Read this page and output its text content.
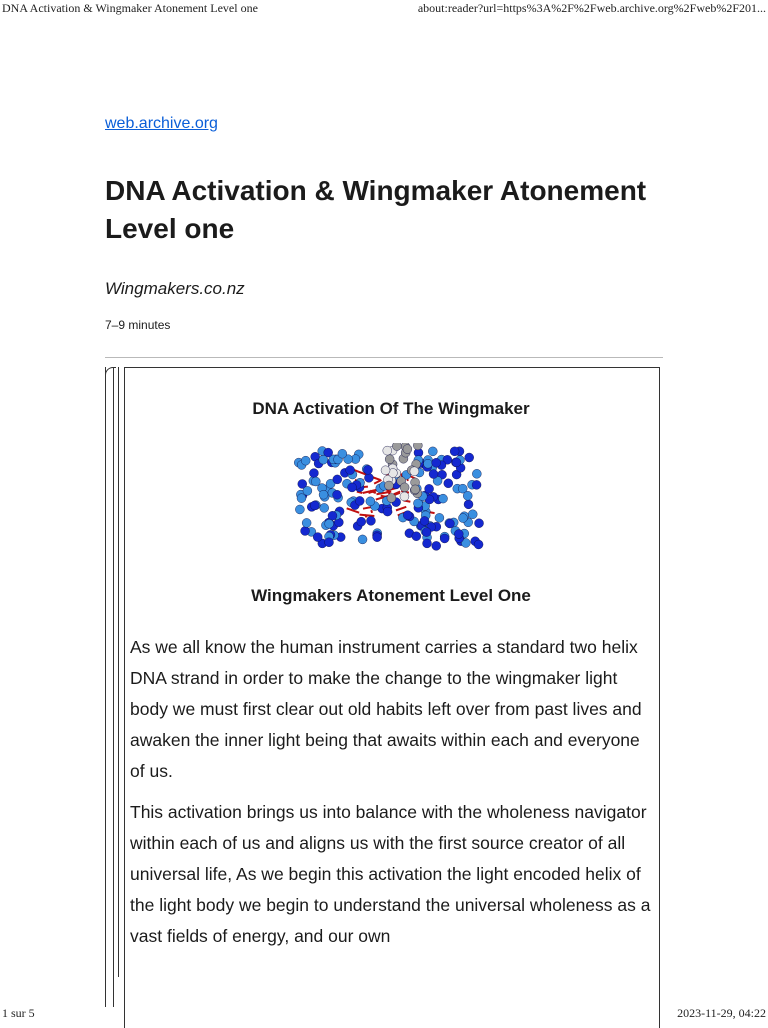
DNA Activation & Wingmaker Atonement Level one	about:reader?url=https%3A%2F%2Fweb.archive.org%2Fweb%2F201...
web.archive.org
DNA Activation & Wingmaker Atonement Level one
Wingmakers.co.nz
7–9 minutes
DNA Activation Of The Wingmaker
Wingmakers Atonement Level One

As we all know the human instrument carries a standard two helix DNA strand in order to make the change to the wingmaker light body we must first clear out old habits left over from past lives and awaken the inner light being that awaits within each and everyone of us.

This activation brings us into balance with the wholeness navigator within each of us and aligns us with the first source creator of all universal life, As we begin this activation the light encoded helix of the light body we begin to understand the universal wholeness as a vast fields of energy, and our own

1 sur 5	2023-11-29, 04:22
